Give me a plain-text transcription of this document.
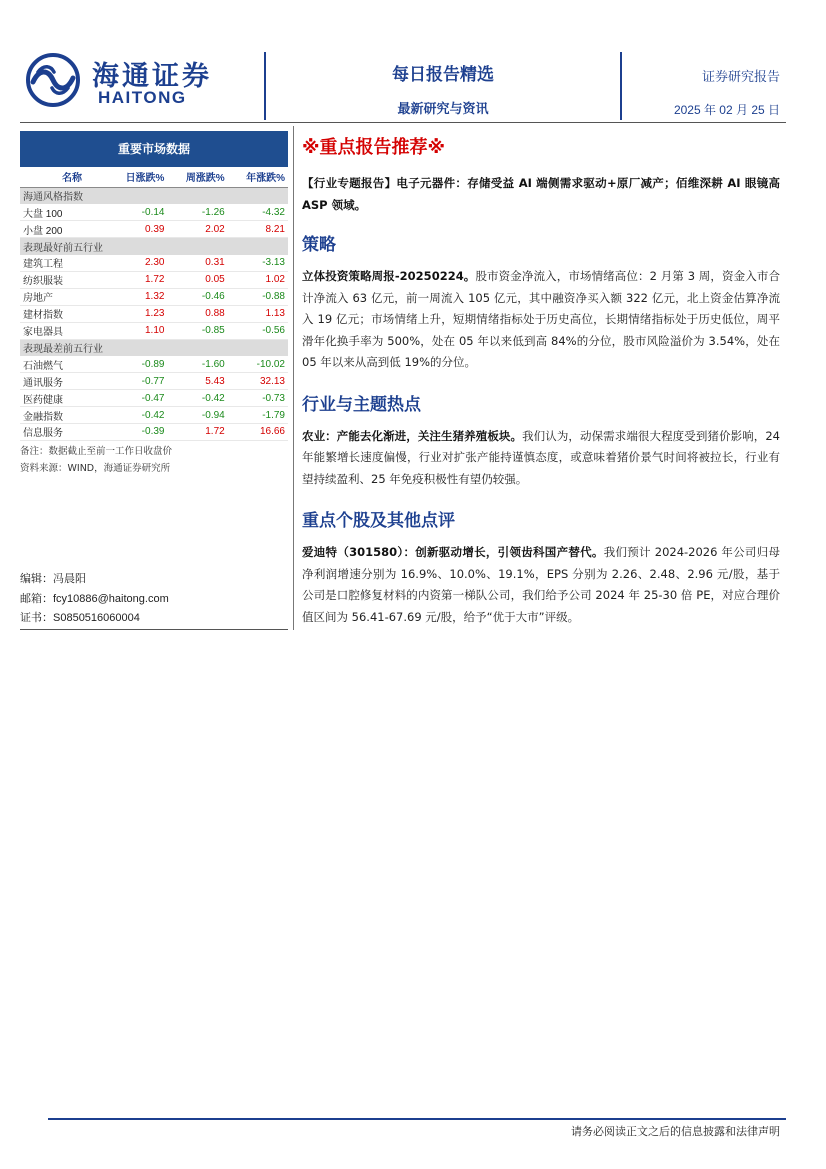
海通证券
HAITONG
每日报告精选
最新研究与资讯
证券研究报告
2025 年 02 月 25 日
重要市场数据
名称	日涨跌%	周涨跌%	年涨跌%
海通风格指数			
大盘 100	-0.14	-1.26	-4.32
小盘 200	0.39	2.02	8.21
表现最好前五行业			
建筑工程	2.30	0.31	-3.13
纺织服装	1.72	0.05	1.02
房地产	1.32	-0.46	-0.88
建材指数	1.23	0.88	1.13
家电器具	1.10	-0.85	-0.56
表现最差前五行业			
石油燃气	-0.89	-1.60	-10.02
通讯服务	-0.77	5.43	32.13
医药健康	-0.47	-0.42	-0.73
金融指数	-0.42	-0.94	-1.79
信息服务	-0.39	1.72	16.66
备注：数据截止至前一工作日收盘价
资料来源：WIND，海通证券研究所
编辑：冯晨阳
邮箱：fcy10886@haitong.com
证书：S0850516060004
※重点报告推荐※
【行业专题报告】电子元器件：存储受益 AI 端侧需求驱动+原厂减产；佰维深耕 AI 眼镜高 ASP 领域。
策略
立体投资策略周报-20250224。股市资金净流入，市场情绪高位：2 月第 3 周，资金入市合计净流入 63 亿元，前一周流入 105 亿元，其中融资净买入额 322 亿元，北上资金估算净流入 19 亿元；市场情绪上升，短期情绪指标处于历史高位，长期情绪指标处于历史低位，周平滑年化换手率为 500%，处在 05 年以来低到高 84%的分位，股市风险溢价为 3.54%，处在 05 年以来从高到低 19%的分位。
行业与主题热点
农业：产能去化渐进，关注生猪养殖板块。我们认为，动保需求端很大程度受到猪价影响，24 年能繁增长速度偏慢，行业对扩张产能持谨慎态度，或意味着猪价景气时间将被拉长，行业有望持续盈利、25 年免疫积极性有望仍较强。
重点个股及其他点评
爱迪特（301580）：创新驱动增长，引领齿科国产替代。我们预计 2024-2026 年公司归母净利润增速分别为 16.9%、10.0%、19.1%，EPS 分别为 2.26、2.48、2.96 元/股，基于公司是口腔修复材料的内资第一梯队公司，我们给予公司 2024 年 25-30 倍 PE，对应合理价值区间为 56.41-67.69 元/股，给予“优于大市”评级。
请务必阅读正文之后的信息披露和法律声明
